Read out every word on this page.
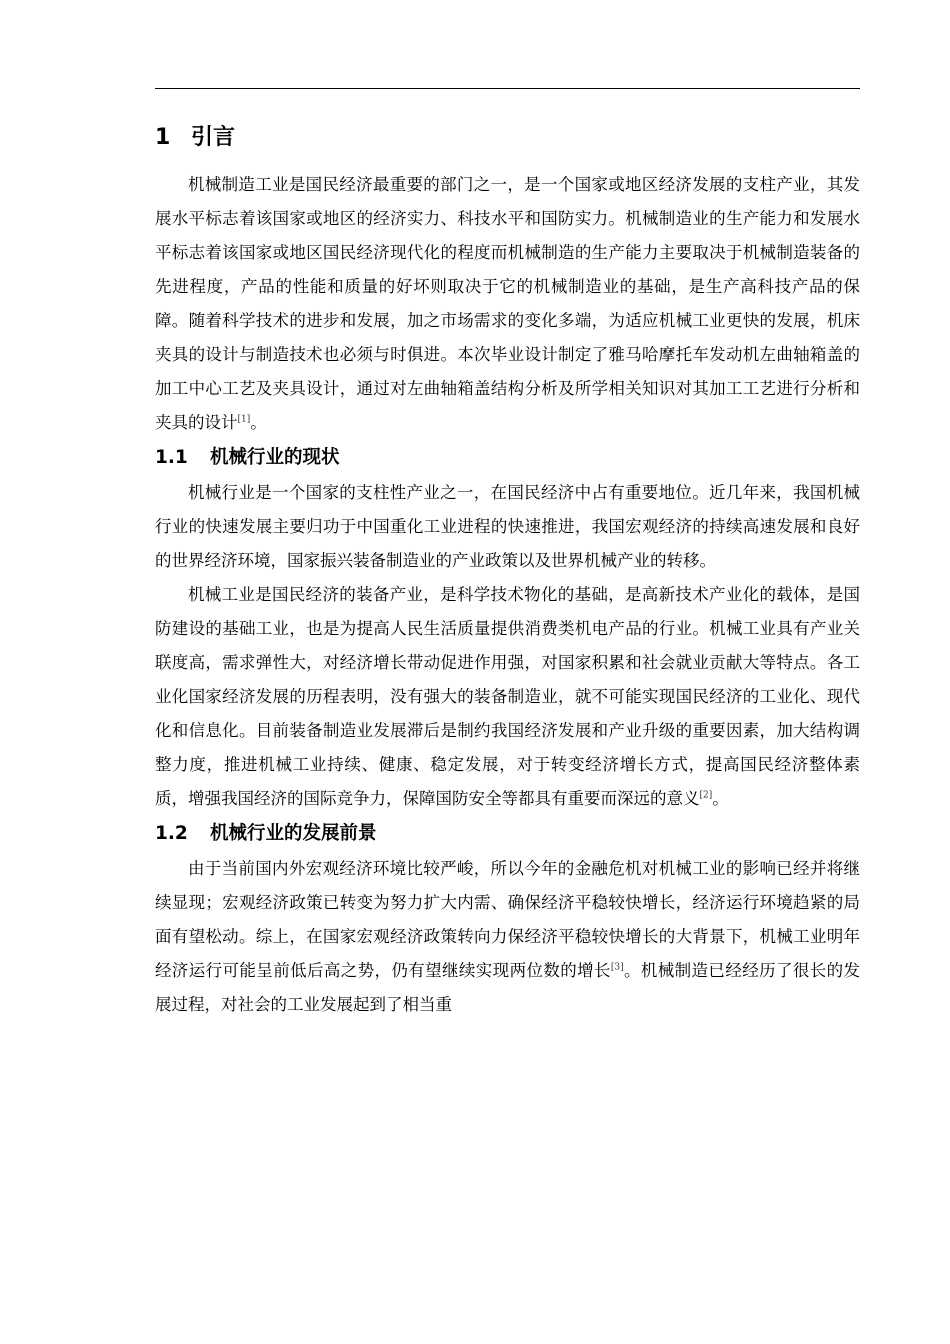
1 引言

机械制造工业是国民经济最重要的部门之一，是一个国家或地区经济发展的支柱产业，其发展水平标志着该国家或地区的经济实力、科技水平和国防实力。机械制造业的生产能力和发展水平标志着该国家或地区国民经济现代化的程度而机械制造的生产能力主要取决于机械制造装备的先进程度，产品的性能和质量的好坏则取决于它的机械制造业的基础，是生产高科技产品的保障。随着科学技术的进步和发展，加之市场需求的变化多端，为适应机械工业更快的发展，机床夹具的设计与制造技术也必须与时俱进。本次毕业设计制定了雅马哈摩托车发动机左曲轴箱盖的加工中心工艺及夹具设计，通过对左曲轴箱盖结构分析及所学相关知识对其加工工艺进行分析和夹具的设计[1]。

1.1 机械行业的现状

机械行业是一个国家的支柱性产业之一，在国民经济中占有重要地位。近几年来，我国机械行业的快速发展主要归功于中国重化工业进程的快速推进，我国宏观经济的持续高速发展和良好的世界经济环境，国家振兴装备制造业的产业政策以及世界机械产业的转移。

机械工业是国民经济的装备产业，是科学技术物化的基础，是高新技术产业化的载体，是国防建设的基础工业，也是为提高人民生活质量提供消费类机电产品的行业。机械工业具有产业关联度高，需求弹性大，对经济增长带动促进作用强，对国家积累和社会就业贡献大等特点。各工业化国家经济发展的历程表明，没有强大的装备制造业，就不可能实现国民经济的工业化、现代化和信息化。目前装备制造业发展滞后是制约我国经济发展和产业升级的重要因素，加大结构调整力度，推进机械工业持续、健康、稳定发展，对于转变经济增长方式，提高国民经济整体素质，增强我国经济的国际竞争力，保障国防安全等都具有重要而深远的意义[2]。

1.2 机械行业的发展前景

由于当前国内外宏观经济环境比较严峻，所以今年的金融危机对机械工业的影响已经并将继续显现；宏观经济政策已转变为努力扩大内需、确保经济平稳较快增长，经济运行环境趋紧的局面有望松动。综上，在国家宏观经济政策转向力保经济平稳较快增长的大背景下，机械工业明年经济运行可能呈前低后高之势，仍有望继续实现两位数的增长[3]。机械制造已经经历了很长的发展过程，对社会的工业发展起到了相当重
